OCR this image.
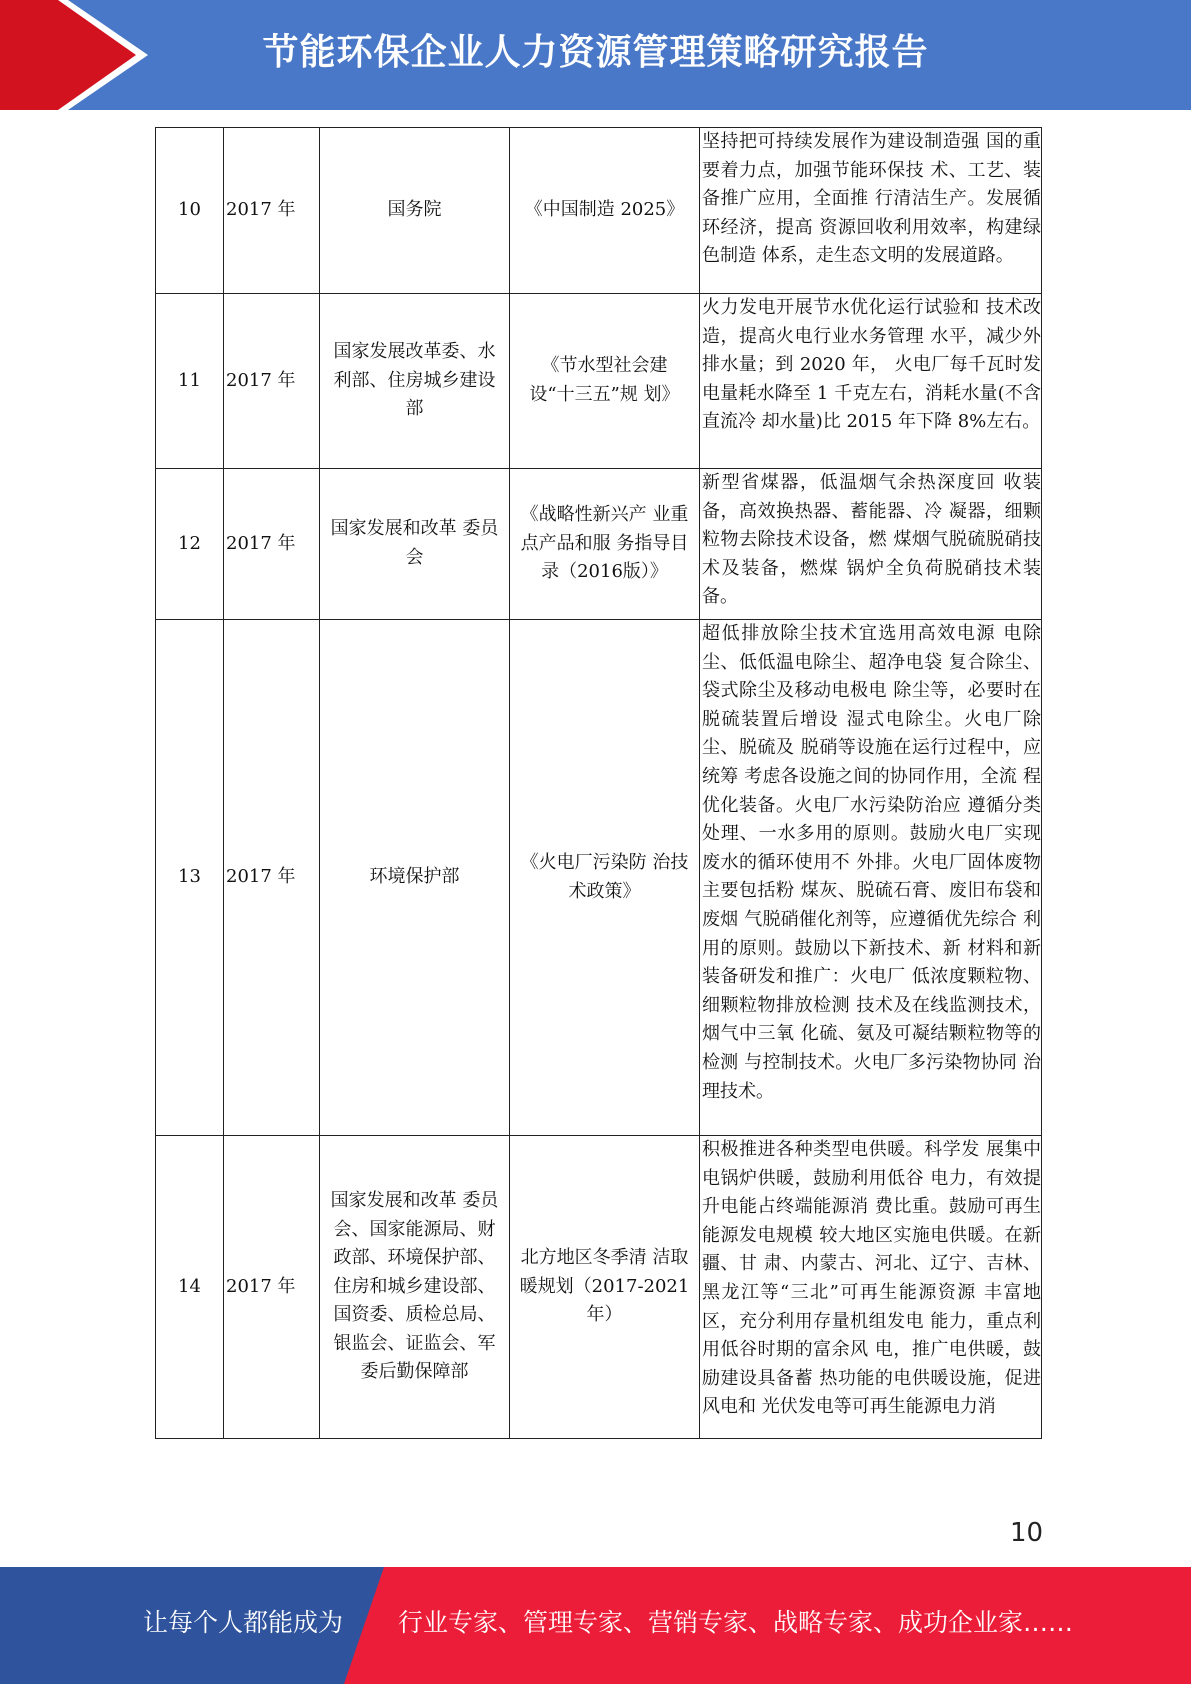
节能环保企业人力资源管理策略研究报告
10	2017 年	国务院	《中国制造 2025》	坚持把可持续发展作为建设制造强 国的重要着力点，加强节能环保技 术、工艺、装备推广应用，全面推 行清洁生产。发展循环经济，提高 资源回收利用效率，构建绿色制造 体系，走生态文明的发展道路。
11	2017 年	国家发展改革委、水利部、住房城乡建设部	《节水型社会建 设“十三五”规 划》	火力发电开展节水优化运行试验和 技术改造，提高火电行业水务管理 水平，减少外排水量；到 2020 年， 火电厂每千瓦时发电量耗水降至 1 千克左右，消耗水量(不含直流冷 却水量)比 2015 年下降 8%左右。
12	2017 年	国家发展和改革 委员会	《战略性新兴产 业重点产品和服 务指导目录（2016版）》	新型省煤器，低温烟气余热深度回 收装备，高效换热器、蓄能器、冷 凝器，细颗粒物去除技术设备，燃 煤烟气脱硫脱硝技术及装备，燃煤 锅炉全负荷脱硝技术装备。
13	2017 年	环境保护部	《火电厂污染防 治技术政策》	超低排放除尘技术宜选用高效电源 电除尘、低低温电除尘、超净电袋 复合除尘、袋式除尘及移动电极电 除尘等，必要时在脱硫装置后增设 湿式电除尘。火电厂除尘、脱硫及 脱硝等设施在运行过程中，应统筹 考虑各设施之间的协同作用，全流 程优化装备。火电厂水污染防治应 遵循分类处理、一水多用的原则。鼓励火电厂实现废水的循环使用不 外排。火电厂固体废物主要包括粉 煤灰、脱硫石膏、废旧布袋和废烟 气脱硝催化剂等，应遵循优先综合 利用的原则。鼓励以下新技术、新 材料和新装备研发和推广：火电厂 低浓度颗粒物、细颗粒物排放检测 技术及在线监测技术，烟气中三氧 化硫、氨及可凝结颗粒物等的检测 与控制技术。火电厂多污染物协同 治理技术。
14	2017 年	国家发展和改革 委员会、国家能源局、财政部、环境保护部、住房和城乡建设部、国资委、质检总局、银监会、证监会、军委后勤保障部	北方地区冬季清 洁取暖规划（2017-2021 年）	积极推进各种类型电供暖。科学发 展集中电锅炉供暖，鼓励利用低谷 电力，有效提升电能占终端能源消 费比重。鼓励可再生能源发电规模 较大地区实施电供暖。在新疆、甘 肃、内蒙古、河北、辽宁、吉林、 黑龙江等“三北”可再生能源资源 丰富地区，充分利用存量机组发电 能力，重点利用低谷时期的富余风 电，推广电供暖，鼓励建设具备蓄 热功能的电供暖设施，促进风电和 光伏发电等可再生能源电力消
10
让每个人都能成为 行业专家、管理专家、营销专家、战略专家、成功企业家……
